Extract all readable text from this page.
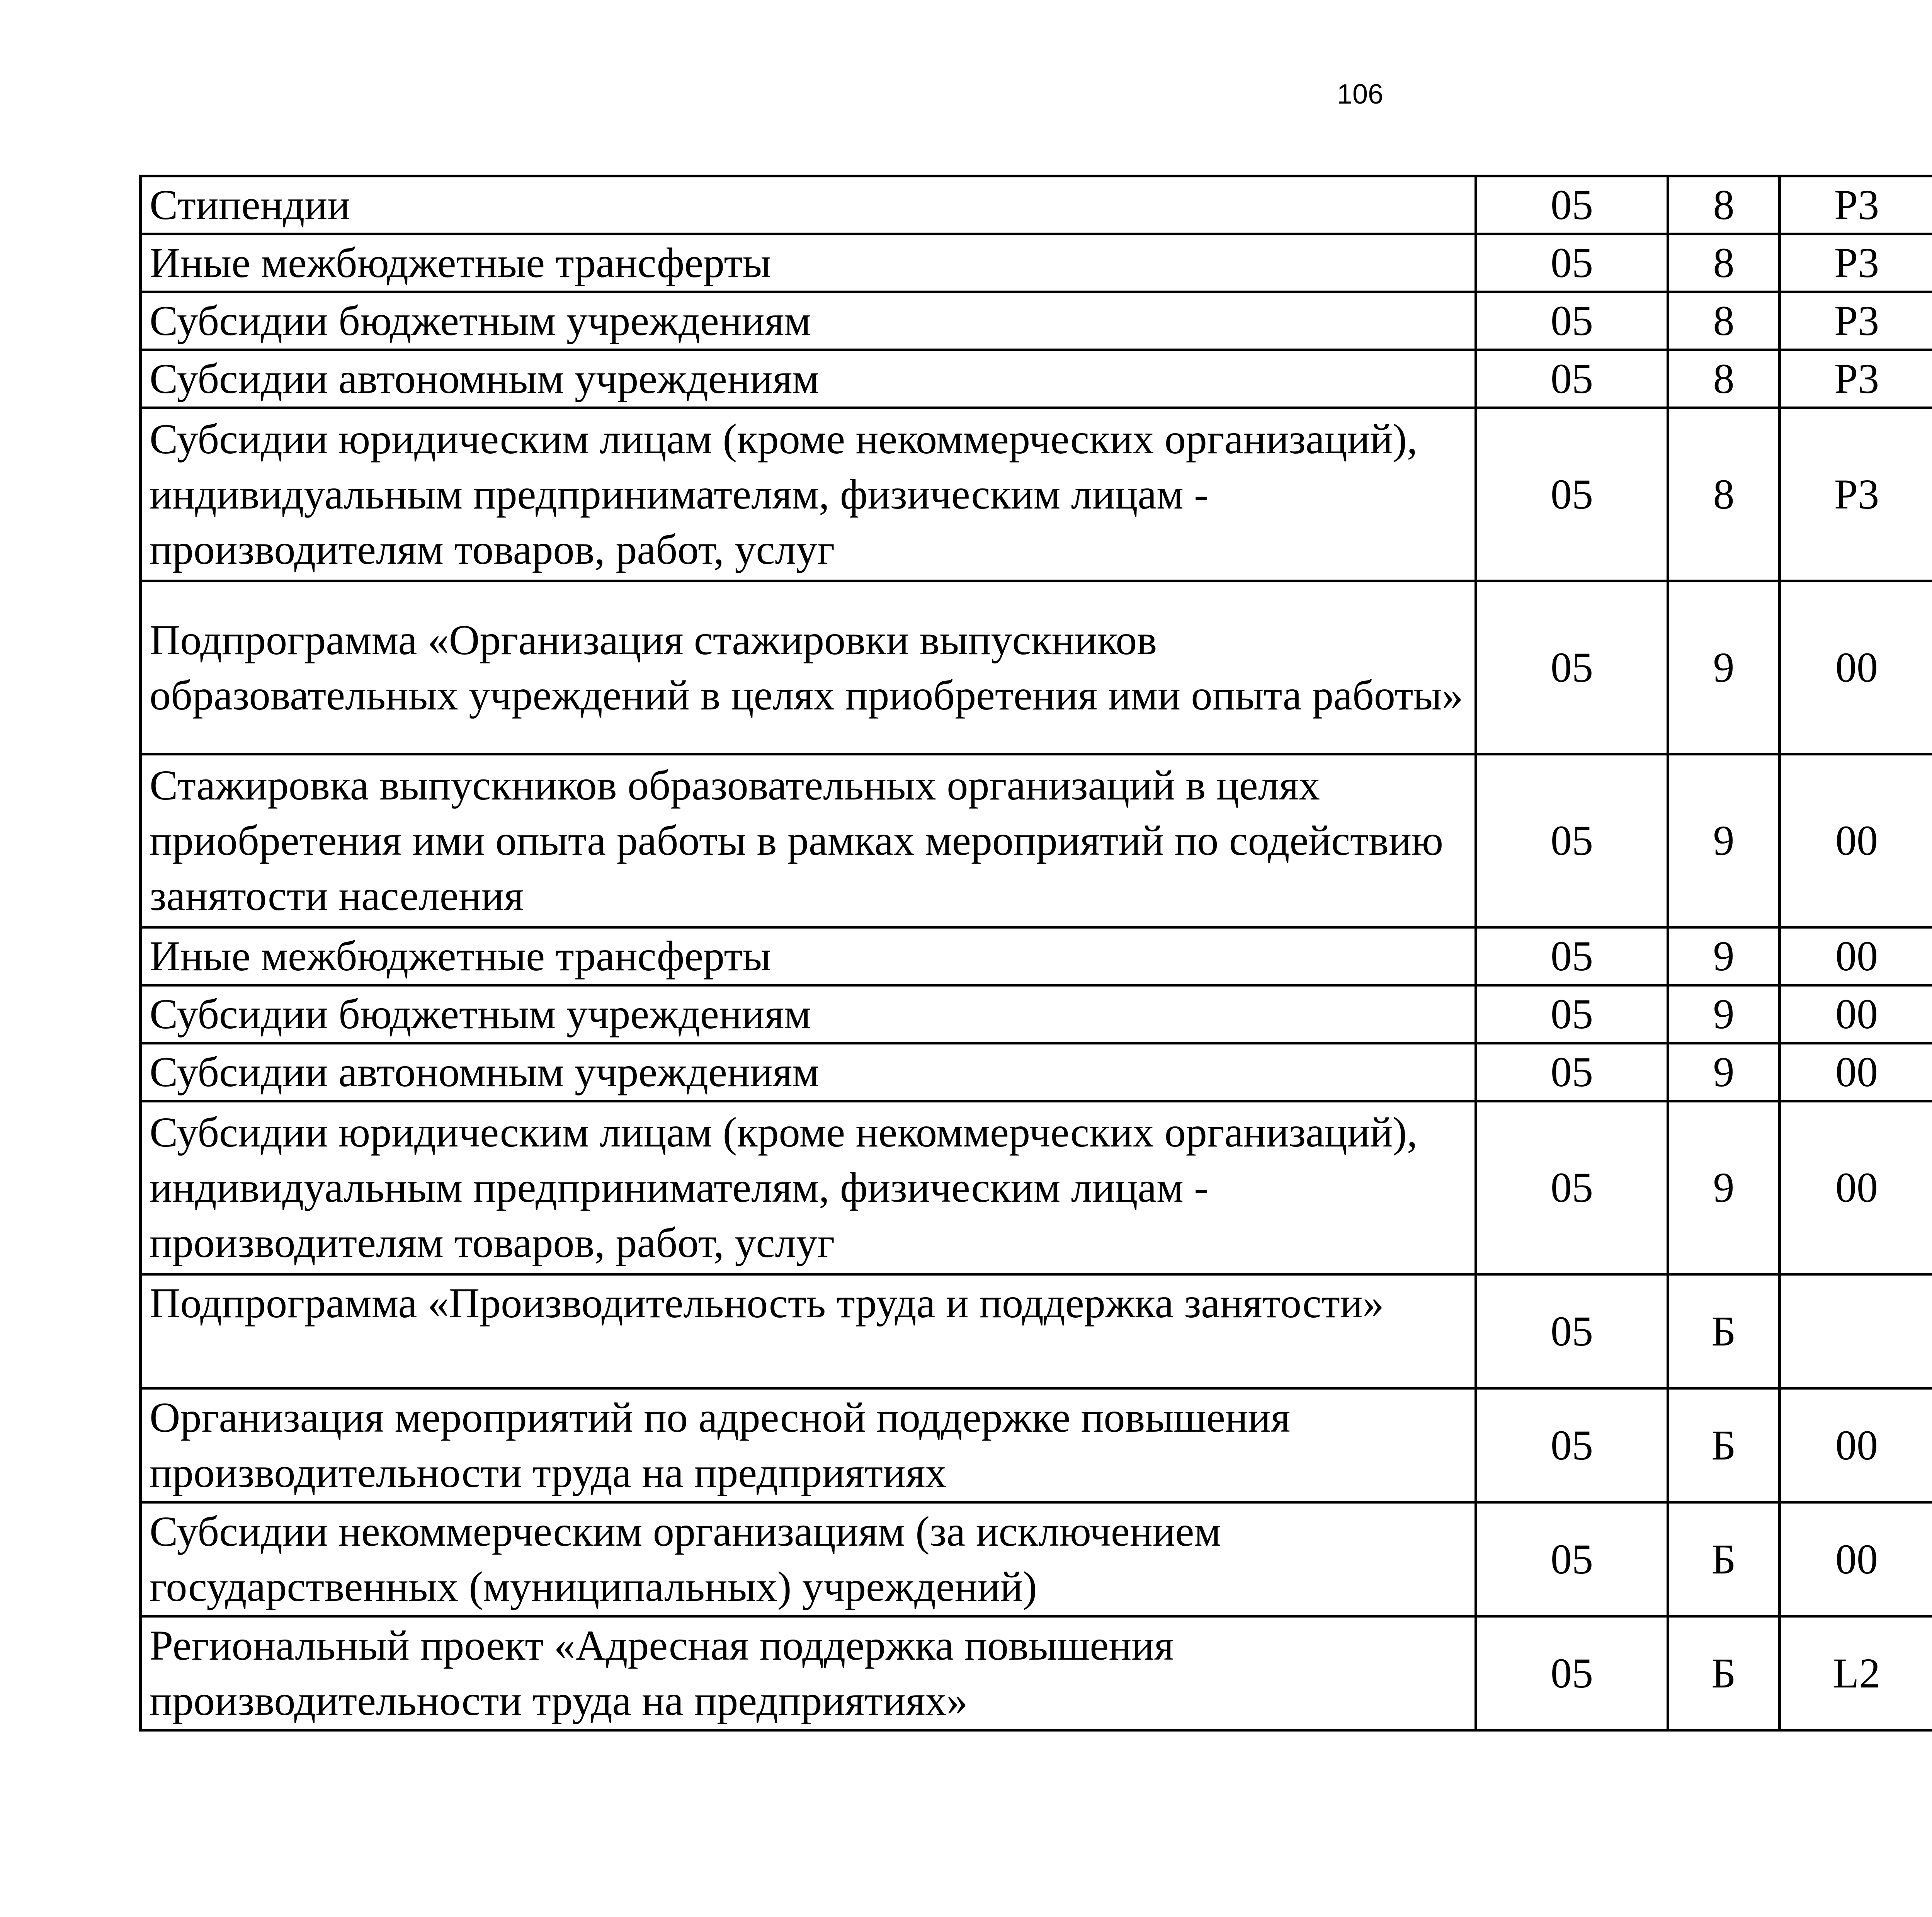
106
Стипендии	05	8	Р3			
Иные межбюджетные трансферты	05	8	Р3			
Субсидии бюджетным учреждениям	05	8	Р3			
Субсидии автономным учреждениям	05	8	Р3			
Субсидии юридическим лицам (кроме некоммерческих организаций), индивидуальным предпринимателям, физическим лицам - производителям товаров, работ, услуг	05	8	Р3			
Подпрограмма «Организация стажировки выпускников образовательных учреждений в целях приобретения ими опыта работы»	05	9	00			
Стажировка выпускников образовательных организаций в целях приобретения ими опыта работы в рамках мероприятий по содействию занятости населения	05	9	00			
Иные межбюджетные трансферты	05	9	00			
Субсидии бюджетным учреждениям	05	9	00			
Субсидии автономным учреждениям	05	9	00			
Субсидии юридическим лицам (кроме некоммерческих организаций), индивидуальным предпринимателям, физическим лицам - производителям товаров, работ, услуг	05	9	00			
Подпрограмма «Производительность труда и поддержка занятости»	05	Б				
Организация мероприятий по адресной поддержке повышения производительности труда на предприятиях	05	Б	00			
Субсидии некоммерческим организациям (за исключением государственных (муниципальных) учреждений)	05	Б	00			
Региональный проект «Адресная поддержка повышения производительности труда на предприятиях»	05	Б	L2			
